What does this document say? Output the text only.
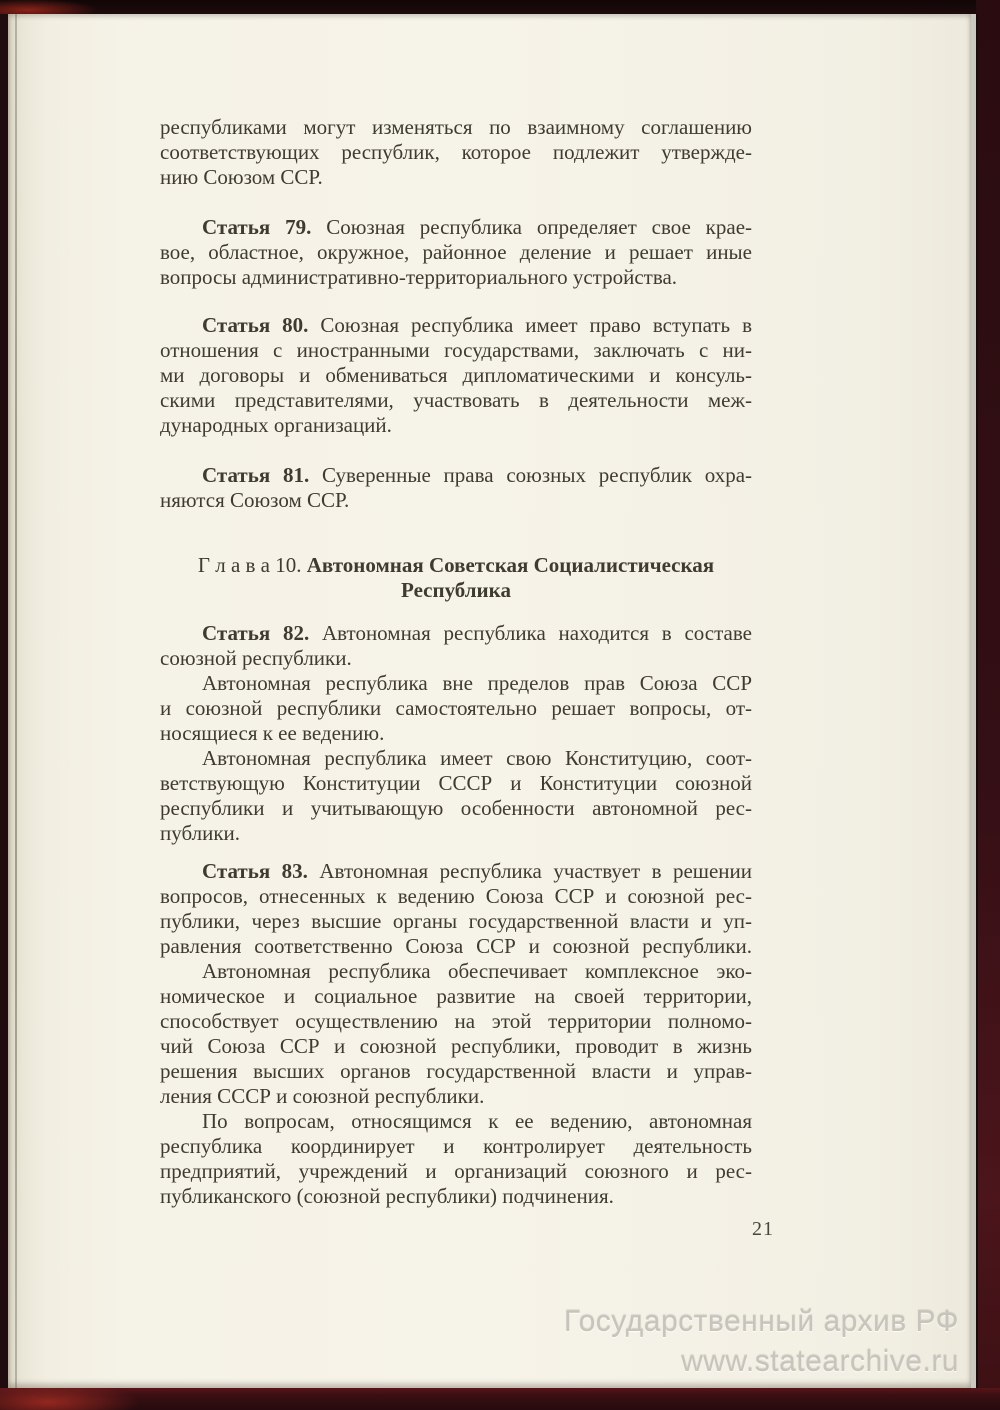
республиками могут изменяться по взаимному соглашению
соответствующих республик, которое подлежит утвержде-
нию Союзом ССР.
Статья 79. Союзная республика определяет свое крае-
вое, областное, окружное, районное деление и решает иные
вопросы административно-территориального устройства.
Статья 80. Союзная республика имеет право вступать в
отношения с иностранными государствами, заключать с ни-
ми договоры и обмениваться дипломатическими и консуль-
скими представителями, участвовать в деятельности меж-
дународных организаций.
Статья 81. Суверенные права союзных республик охра-
няются Союзом ССР.
Г л а в а 10. Автономная Советская Социалистическая
Республика
Статья 82. Автономная республика находится в составе
союзной республики.
Автономная республика вне пределов прав Союза ССР
и союзной республики самостоятельно решает вопросы, от-
носящиеся к ее ведению.
Автономная республика имеет свою Конституцию, соот-
ветствующую Конституции СССР и Конституции союзной
республики и учитывающую особенности автономной рес-
публики.
Статья 83. Автономная республика участвует в решении
вопросов, отнесенных к ведению Союза ССР и союзной рес-
публики, через высшие органы государственной власти и уп-
равления соответственно Союза ССР и союзной республики.
Автономная республика обеспечивает комплексное эко-
номическое и социальное развитие на своей территории,
способствует осуществлению на этой территории полномо-
чий Союза ССР и союзной республики, проводит в жизнь
решения высших органов государственной власти и управ-
ления СССР и союзной республики.
По вопросам, относящимся к ее ведению, автономная
республика координирует и контролирует деятельность
предприятий, учреждений и организаций союзного и рес-
публиканского (союзной республики) подчинения.
21
Государственный архив РФ
www.statearchive.ru
